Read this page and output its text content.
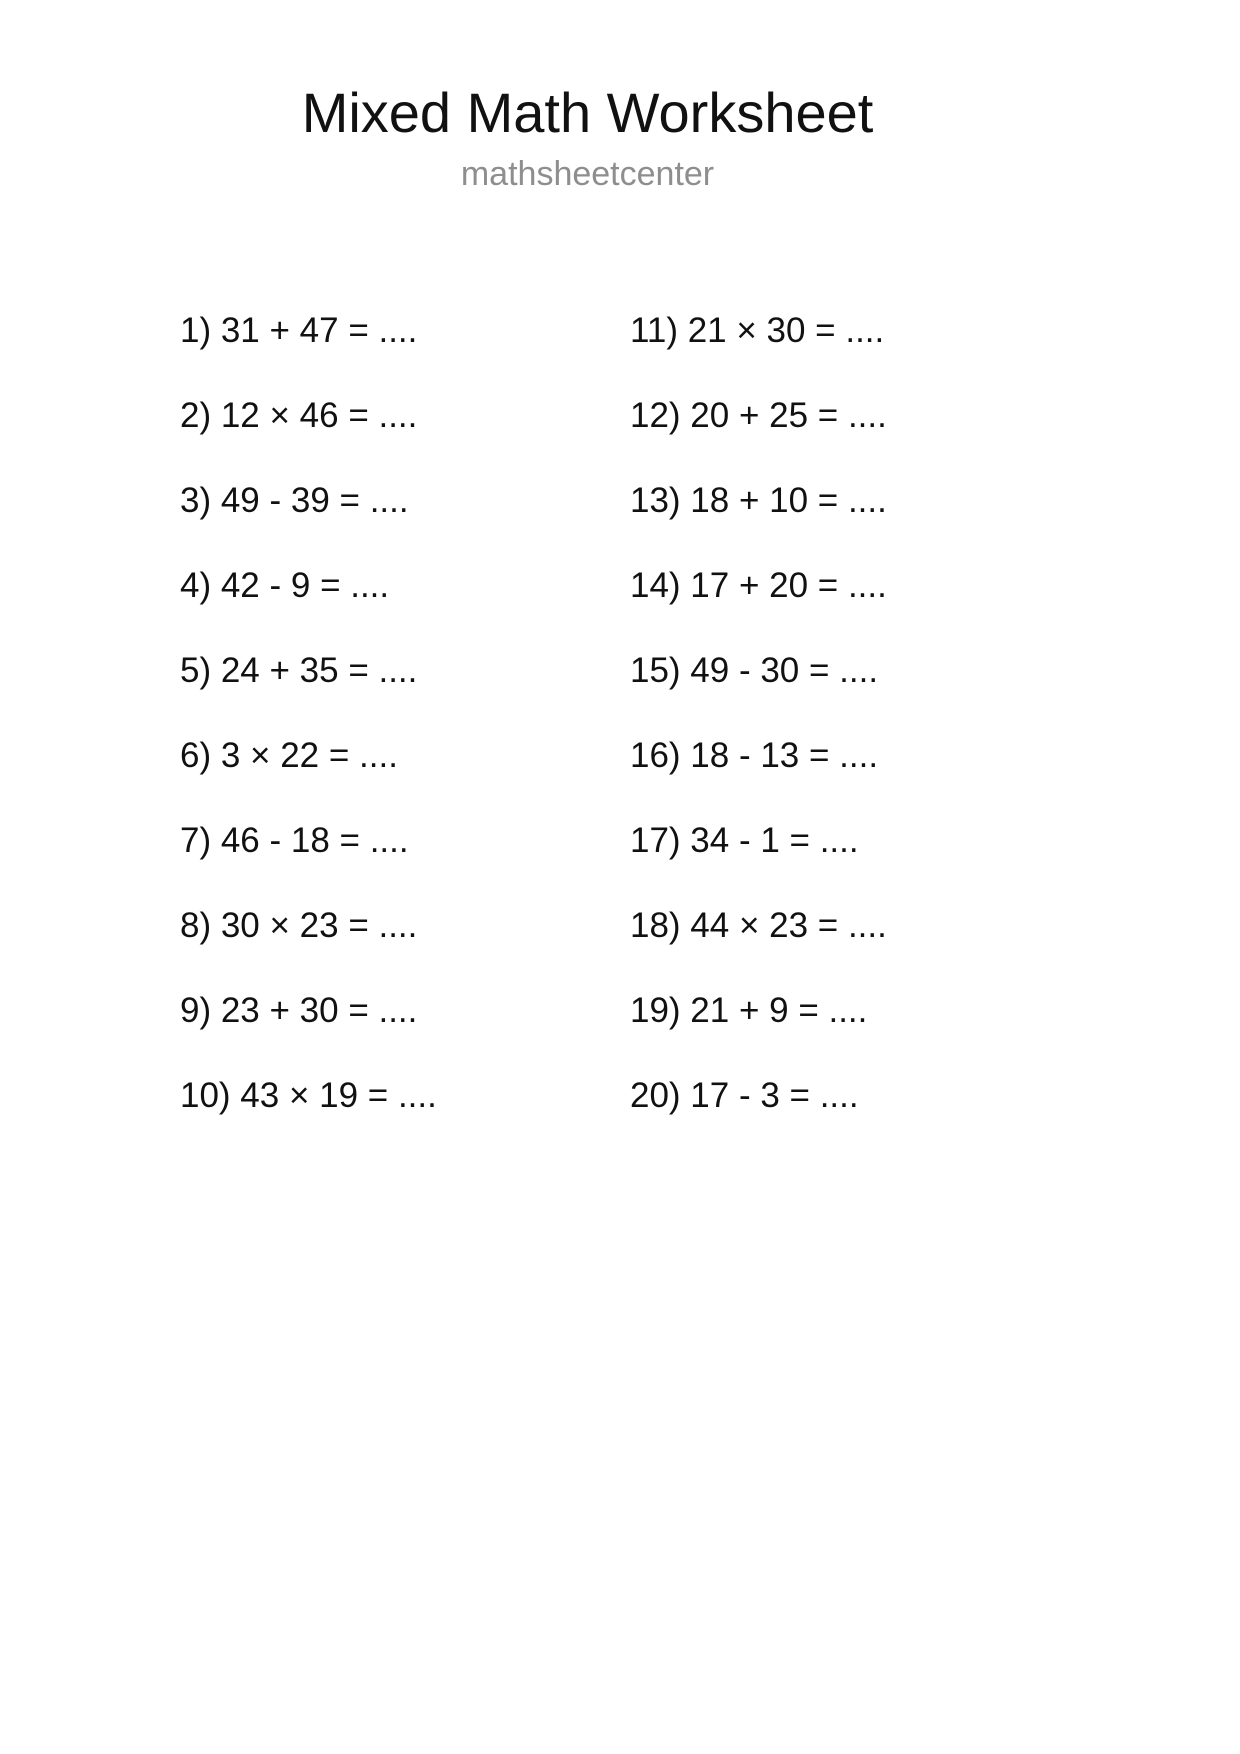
Mixed Math Worksheet
mathsheetcenter
1) 31 + 47 = ....
2) 12 × 46 = ....
3) 49 - 39 = ....
4) 42 - 9 = ....
5) 24 + 35 = ....
6) 3 × 22 = ....
7) 46 - 18 = ....
8) 30 × 23 = ....
9) 23 + 30 = ....
10) 43 × 19 = ....
11) 21 × 30 = ....
12) 20 + 25 = ....
13) 18 + 10 = ....
14) 17 + 20 = ....
15) 49 - 30 = ....
16) 18 - 13 = ....
17) 34 - 1 = ....
18) 44 × 23 = ....
19) 21 + 9 = ....
20) 17 - 3 = ....
